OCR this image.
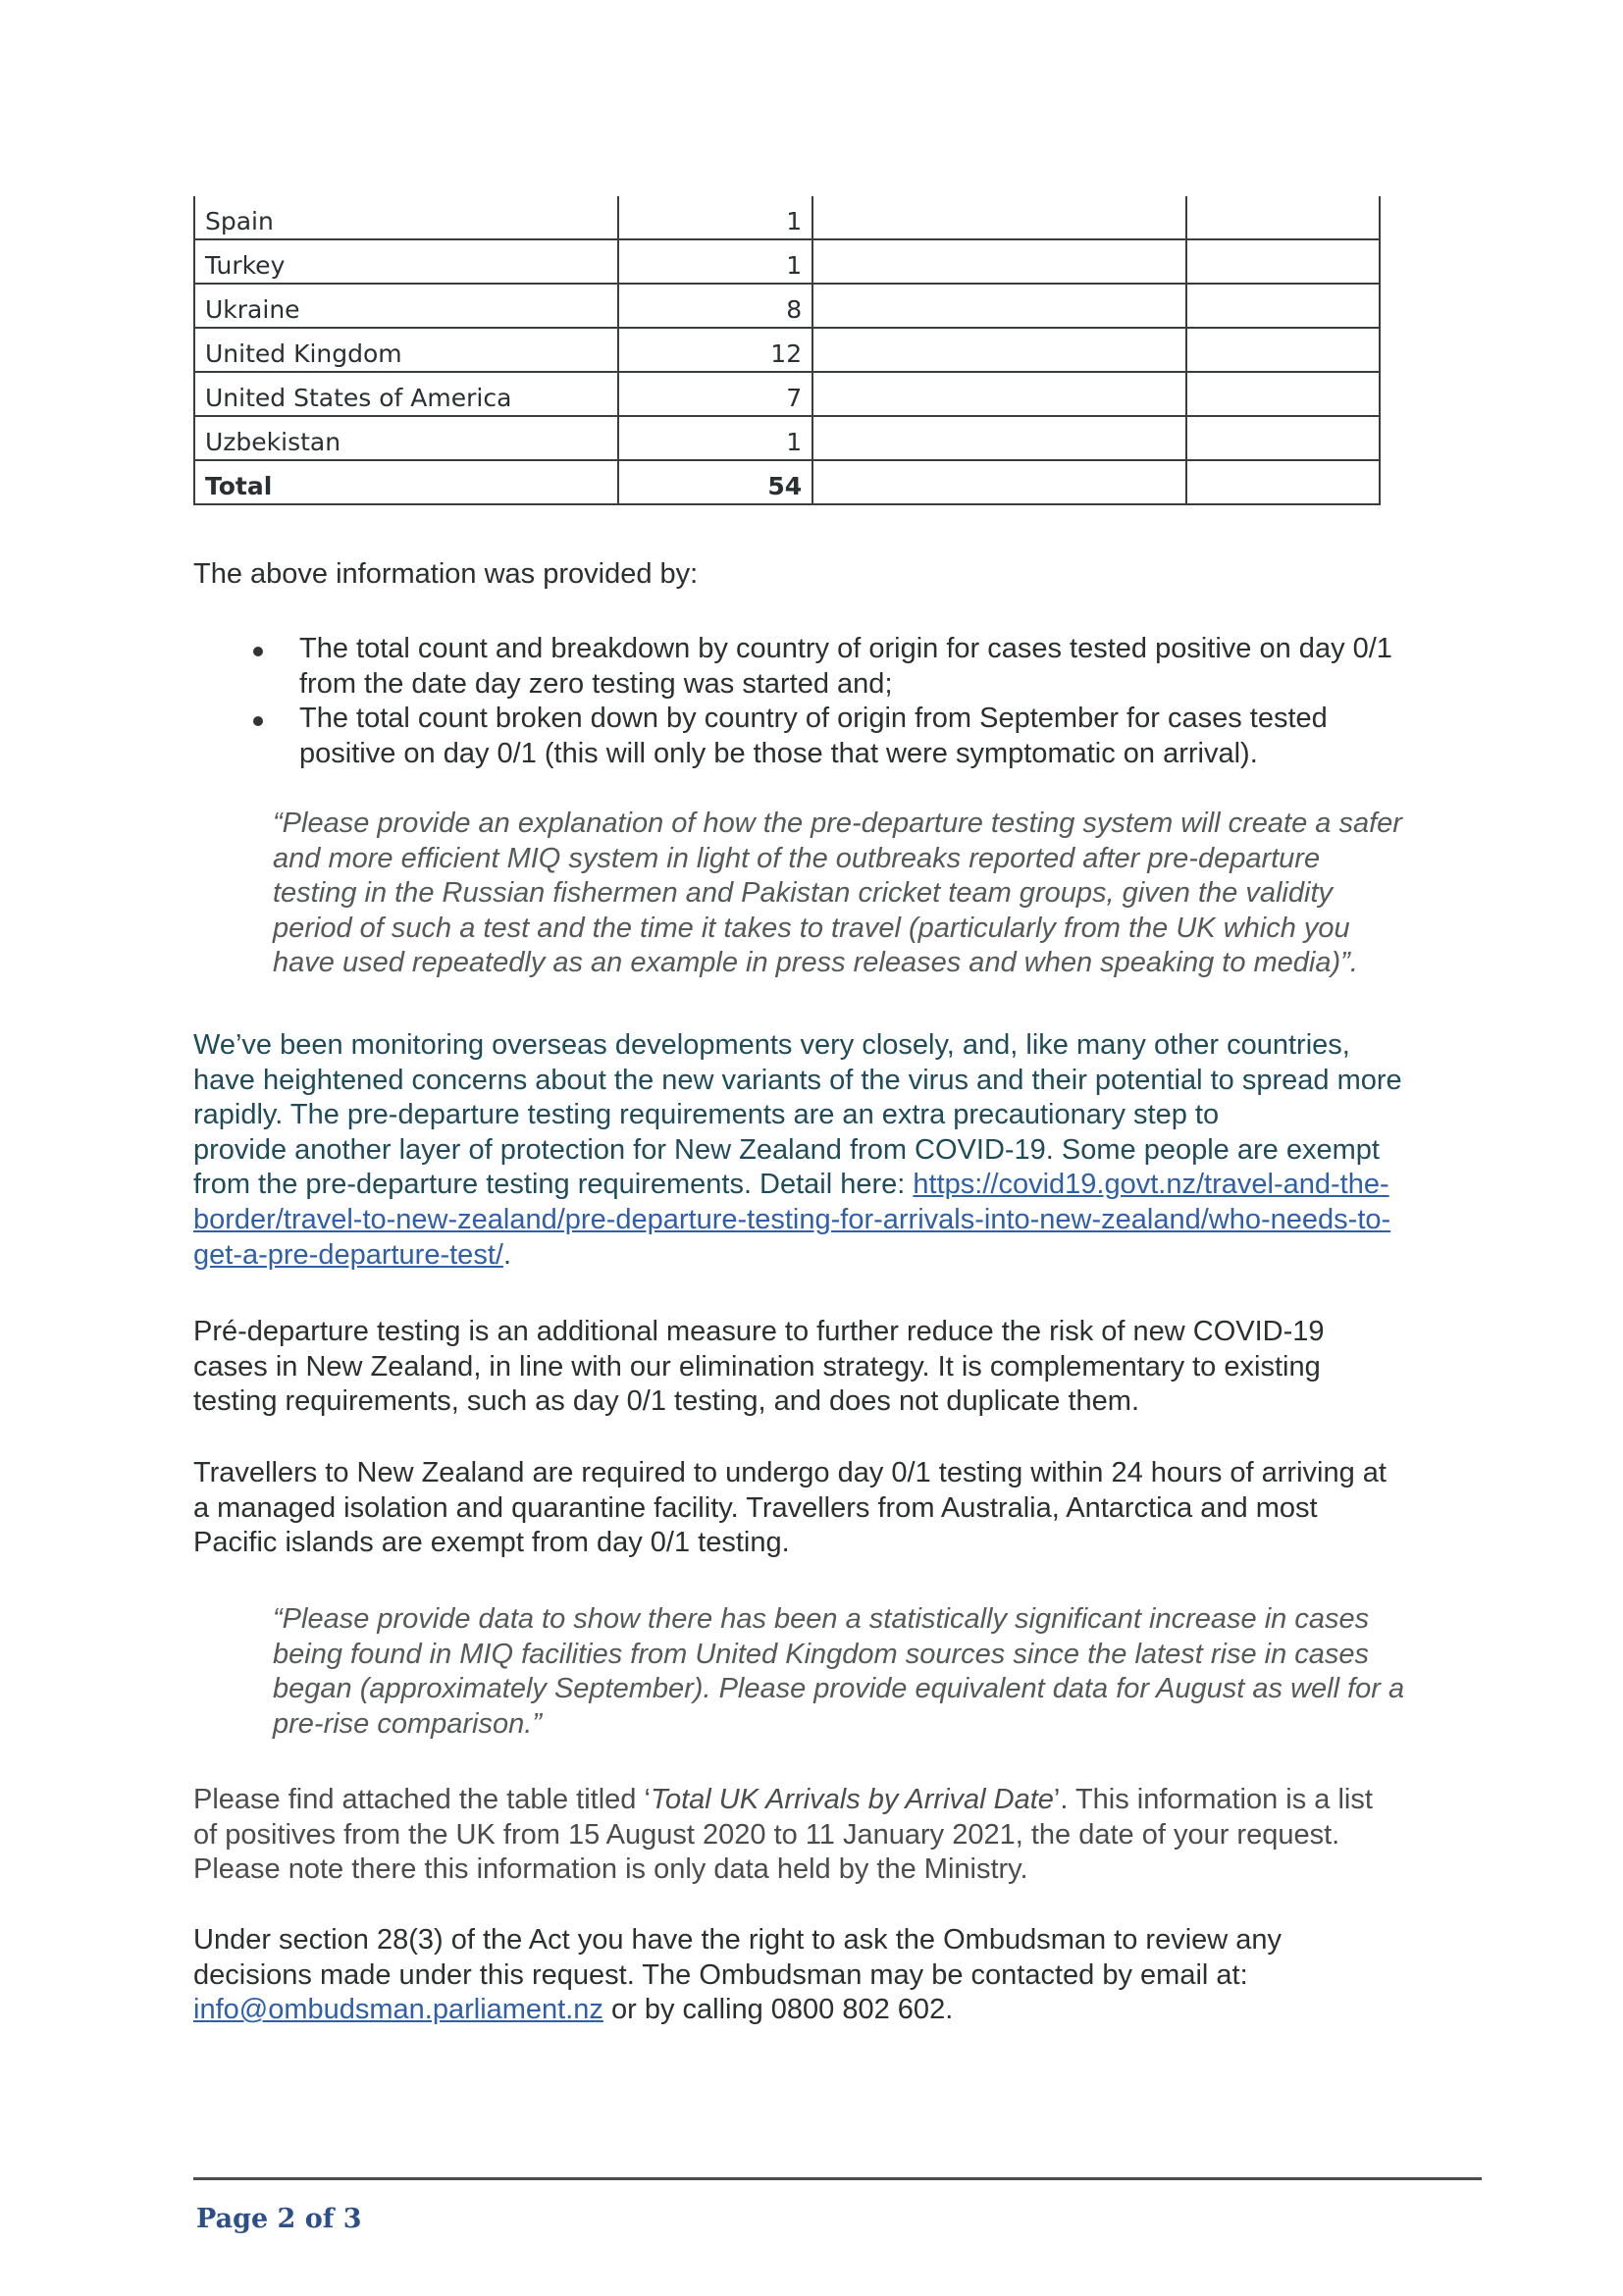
Spain	1		
Turkey	1		
Ukraine	8		
United Kingdom	12		
United States of America	7		
Uzbekistan	1		
Total	54		
The above information was provided by:
The total count and breakdown by country of origin for cases tested positive on day 0/1
from the date day zero testing was started and;
The total count broken down by country of origin from September for cases tested
positive on day 0/1 (this will only be those that were symptomatic on arrival).
“Please provide an explanation of how the pre-departure testing system will create a safer
and more efficient MIQ system in light of the outbreaks reported after pre-departure
testing in the Russian fishermen and Pakistan cricket team groups, given the validity
period of such a test and the time it takes to travel (particularly from the UK which you
have used repeatedly as an example in press releases and when speaking to media)”.
We’ve been monitoring overseas developments very closely, and, like many other countries,
have heightened concerns about the new variants of the virus and their potential to spread more
rapidly. The pre-departure testing requirements are an extra precautionary step to
provide another layer of protection for New Zealand from COVID-19. Some people are exempt
from the pre-departure testing requirements. Detail here: https://covid19.govt.nz/travel-and-the-
border/travel-to-new-zealand/pre-departure-testing-for-arrivals-into-new-zealand/who-needs-to-
get-a-pre-departure-test/.
Pré-departure testing is an additional measure to further reduce the risk of new COVID-19
cases in New Zealand, in line with our elimination strategy. It is complementary to existing
testing requirements, such as day 0/1 testing, and does not duplicate them.
Travellers to New Zealand are required to undergo day 0/1 testing within 24 hours of arriving at
a managed isolation and quarantine facility. Travellers from Australia, Antarctica and most
Pacific islands are exempt from day 0/1 testing.
“Please provide data to show there has been a statistically significant increase in cases
being found in MIQ facilities from United Kingdom sources since the latest rise in cases
began (approximately September). Please provide equivalent data for August as well for a
pre-rise comparison.”
Please find attached the table titled ‘Total UK Arrivals by Arrival Date’. This information is a list
of positives from the UK from 15 August 2020 to 11 January 2021, the date of your request.
Please note there this information is only data held by the Ministry.
Under section 28(3) of the Act you have the right to ask the Ombudsman to review any
decisions made under this request. The Ombudsman may be contacted by email at:
info@ombudsman.parliament.nz or by calling 0800 802 602.
Page 2 of 3
